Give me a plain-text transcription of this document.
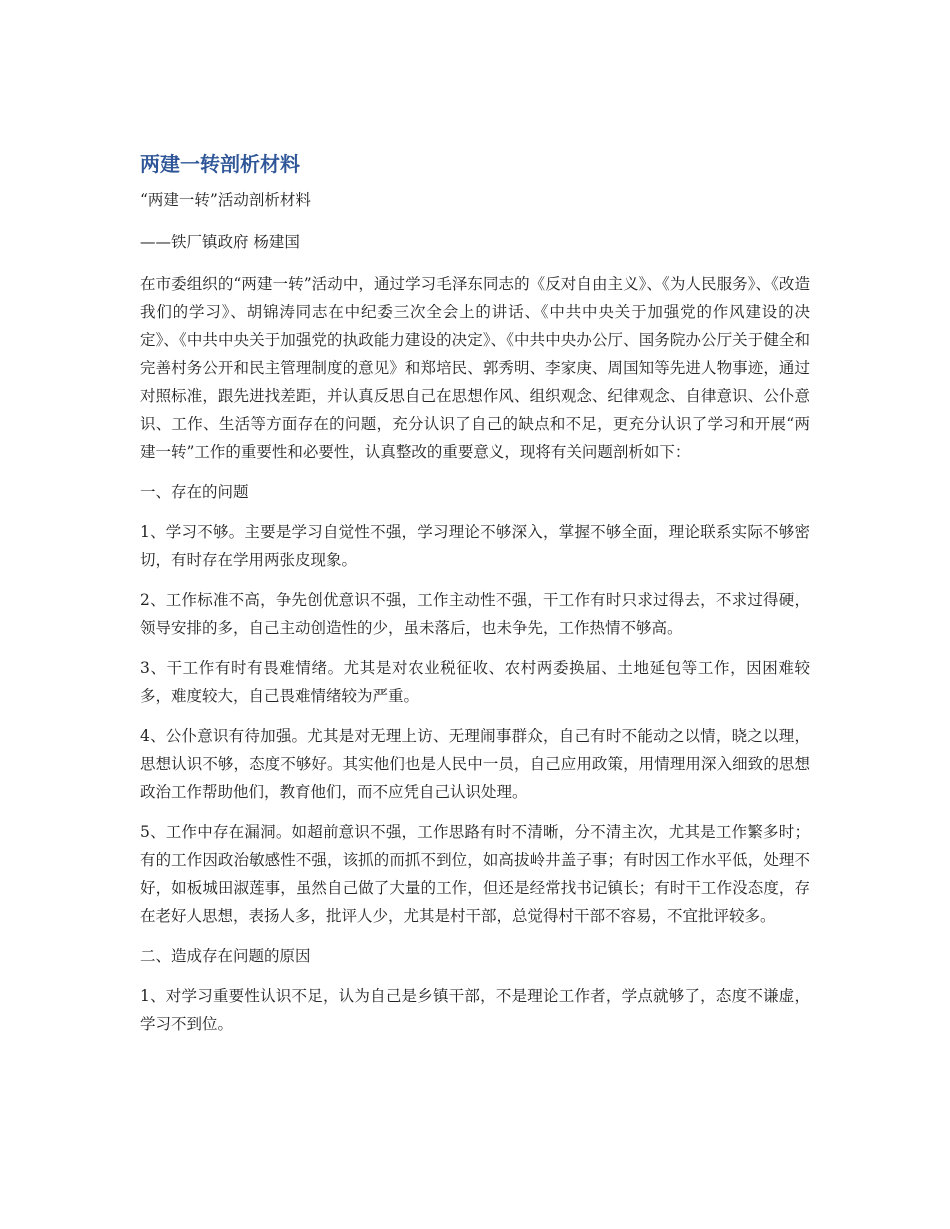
两建一转剖析材料

“两建一转”活动剖析材料

——铁厂镇政府 杨建国

在市委组织的“两建一转”活动中，通过学习毛泽东同志的《反对自由主义》、《为人民服务》、《改造我们的学习》、胡锦涛同志在中纪委三次全会上的讲话、《中共中央关于加强党的作风建设的决定》、《中共中央关于加强党的执政能力建设的决定》、《中共中央办公厅、国务院办公厅关于健全和完善村务公开和民主管理制度的意见》和郑培民、郭秀明、李家庚、周国知等先进人物事迹，通过对照标准，跟先进找差距，并认真反思自己在思想作风、组织观念、纪律观念、自律意识、公仆意识、工作、生活等方面存在的问题，充分认识了自己的缺点和不足，更充分认识了学习和开展“两建一转”工作的重要性和必要性，认真整改的重要意义，现将有关问题剖析如下：

一、存在的问题

1、学习不够。主要是学习自觉性不强，学习理论不够深入，掌握不够全面，理论联系实际不够密切，有时存在学用两张皮现象。

2、工作标准不高，争先创优意识不强，工作主动性不强，干工作有时只求过得去，不求过得硬，领导安排的多，自己主动创造性的少，虽未落后，也未争先，工作热情不够高。

3、干工作有时有畏难情绪。尤其是对农业税征收、农村两委换届、土地延包等工作，因困难较多，难度较大，自己畏难情绪较为严重。

4、公仆意识有待加强。尤其是对无理上访、无理闹事群众，自己有时不能动之以情，晓之以理，思想认识不够，态度不够好。其实他们也是人民中一员，自己应用政策，用情理用深入细致的思想政治工作帮助他们，教育他们，而不应凭自己认识处理。

5、工作中存在漏洞。如超前意识不强，工作思路有时不清晰，分不清主次，尤其是工作繁多时；有的工作因政治敏感性不强，该抓的而抓不到位，如高拔岭井盖子事；有时因工作水平低，处理不好，如板城田淑莲事，虽然自己做了大量的工作，但还是经常找书记镇长；有时干工作没态度，存在老好人思想，表扬人多，批评人少，尤其是村干部，总觉得村干部不容易，不宜批评较多。

二、造成存在问题的原因

1、对学习重要性认识不足，认为自己是乡镇干部，不是理论工作者，学点就够了，态度不谦虚，学习不到位。
